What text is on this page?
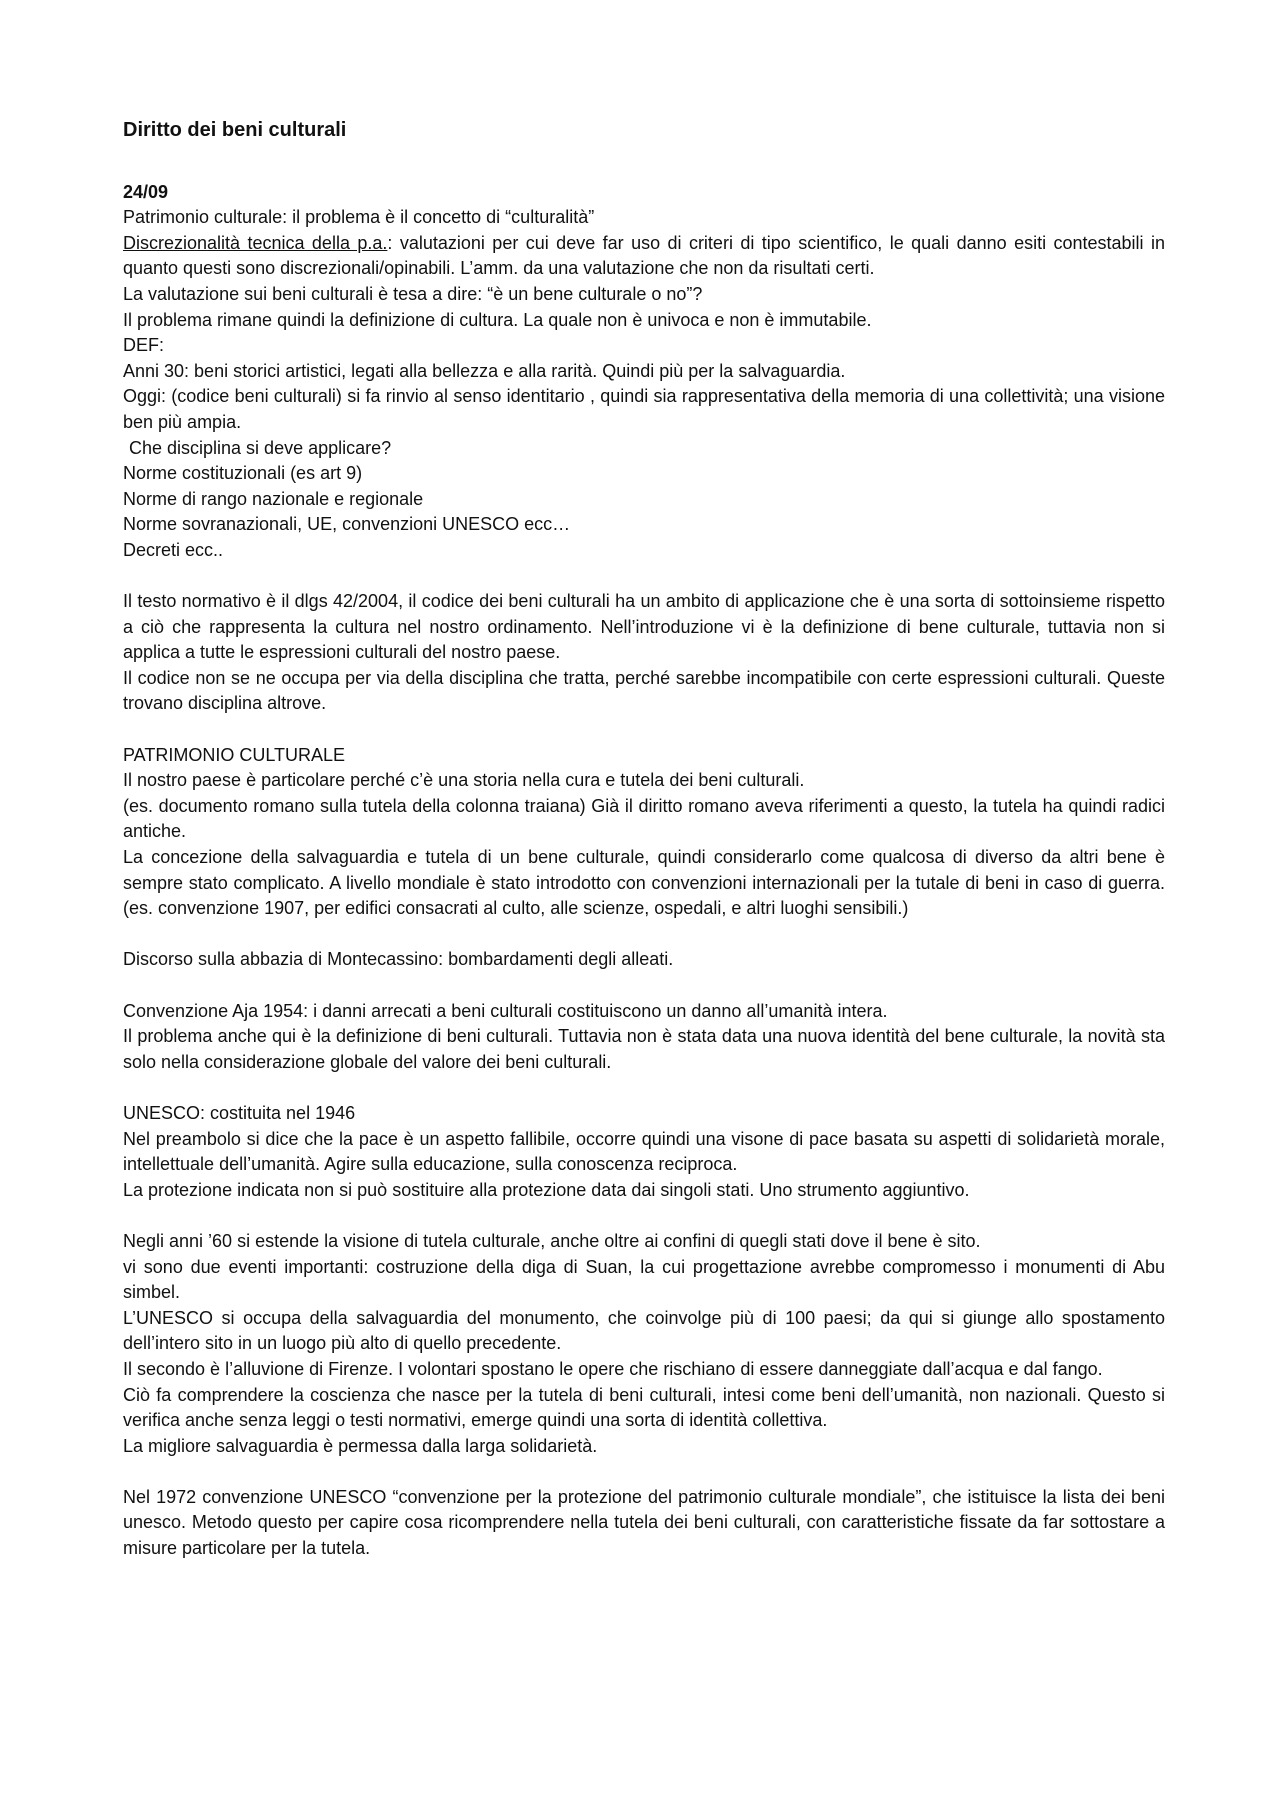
Diritto dei beni culturali

24/09

Patrimonio culturale: il problema è il concetto di “culturalità”

Discrezionalità tecnica della p.a.: valutazioni per cui deve far uso di criteri di tipo scientifico, le quali danno esiti contestabili in quanto questi sono discrezionali/opinabili. L’amm. da una valutazione che non da risultati certi.

La valutazione sui beni culturali è tesa a dire: “è un bene culturale o no”?

Il problema rimane quindi la definizione di cultura. La quale non è univoca e non è immutabile.

DEF:

Anni 30: beni storici artistici, legati alla bellezza e alla rarità. Quindi più per la salvaguardia.

Oggi: (codice beni culturali) si fa rinvio al senso identitario , quindi sia rappresentativa della memoria di una collettività; una visione ben più ampia.

Che disciplina si deve applicare?

Norme costituzionali (es art 9)

Norme di rango nazionale e regionale

Norme sovranazionali, UE, convenzioni UNESCO ecc…

Decreti ecc..

Il testo normativo è il dlgs 42/2004, il codice dei beni culturali ha un ambito di applicazione che è una sorta di sottoinsieme rispetto a ciò che rappresenta la cultura nel nostro ordinamento. Nell’introduzione vi è la definizione di bene culturale, tuttavia non si applica a tutte le espressioni culturali del nostro paese.

Il codice non se ne occupa per via della disciplina che tratta, perché sarebbe incompatibile con certe espressioni culturali. Queste trovano disciplina altrove.

PATRIMONIO CULTURALE

Il nostro paese è particolare perché c’è una storia nella cura e tutela dei beni culturali.

(es. documento romano sulla tutela della colonna traiana) Già il diritto romano aveva riferimenti a questo, la tutela ha quindi radici antiche.

La concezione della salvaguardia e tutela di un bene culturale, quindi considerarlo come qualcosa di diverso da altri bene è sempre stato complicato. A livello mondiale è stato introdotto con convenzioni internazionali per la tutale di beni in caso di guerra. (es. convenzione 1907, per edifici consacrati al culto, alle scienze, ospedali, e altri luoghi sensibili.)

Discorso sulla abbazia di Montecassino: bombardamenti degli alleati.

Convenzione Aja 1954: i danni arrecati a beni culturali costituiscono un danno all’umanità intera.

Il problema anche qui è la definizione di beni culturali. Tuttavia non è stata data una nuova identità del bene culturale, la novità sta solo nella considerazione globale del valore dei beni culturali.

UNESCO: costituita nel 1946

Nel preambolo si dice che la pace è un aspetto fallibile, occorre quindi una visone di pace basata su aspetti di solidarietà morale, intellettuale dell’umanità. Agire sulla educazione, sulla conoscenza reciproca.

La protezione indicata non si può sostituire alla protezione data dai singoli stati. Uno strumento aggiuntivo.

Negli anni ’60 si estende la visione di tutela culturale, anche oltre ai confini di quegli stati dove il bene è sito.

vi sono due eventi importanti: costruzione della diga di Suan, la cui progettazione avrebbe compromesso i monumenti di Abu simbel.

L’UNESCO si occupa della salvaguardia del monumento, che coinvolge più di 100 paesi; da qui si giunge allo spostamento dell’intero sito in un luogo più alto di quello precedente.

Il secondo è l’alluvione di Firenze. I volontari spostano le opere che rischiano di essere danneggiate dall’acqua e dal fango.

Ciò fa comprendere la coscienza che nasce per la tutela di beni culturali, intesi come beni dell’umanità, non nazionali. Questo si verifica anche senza leggi o testi normativi, emerge quindi una sorta di identità collettiva.

La migliore salvaguardia è permessa dalla larga solidarietà.

Nel 1972 convenzione UNESCO “convenzione per la protezione del patrimonio culturale mondiale”, che istituisce la lista dei beni unesco. Metodo questo per capire cosa ricomprendere nella tutela dei beni culturali, con caratteristiche fissate da far sottostare a misure particolare per la tutela.
